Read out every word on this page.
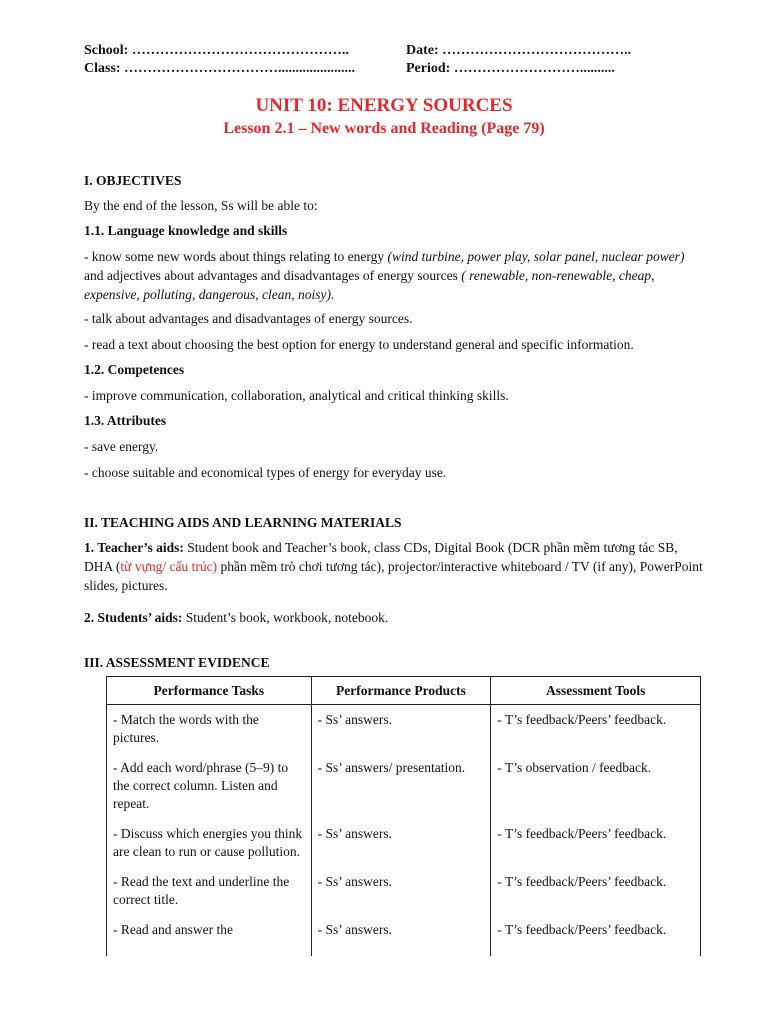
School: ………………………………………..
Class: ……………………………......................
Date: …………………………………..
Period: ………………………..........
UNIT 10: ENERGY SOURCES
Lesson 2.1 – New words and Reading (Page 79)
I. OBJECTIVES
By the end of the lesson, Ss will be able to:
1.1. Language knowledge and skills
- know some new words about things relating to energy (wind turbine, power play, solar panel, nuclear power) and adjectives about advantages and disadvantages of energy sources ( renewable, non-renewable, cheap, expensive, polluting, dangerous, clean, noisy).
- talk about advantages and disadvantages of energy sources.
- read a text about choosing the best option for energy to understand general and specific information.
1.2. Competences
- improve communication, collaboration, analytical and critical thinking skills.
1.3. Attributes
- save energy.
- choose suitable and economical types of energy for everyday use.
II. TEACHING AIDS AND LEARNING MATERIALS
1. Teacher’s aids: Student book and Teacher’s book, class CDs, Digital Book (DCR phần mềm tương tác SB, DHA (từ vựng/ cấu trúc) phần mềm trò chơi tương tác), projector/interactive whiteboard / TV (if any), PowerPoint slides, pictures.
2. Students’ aids: Student’s book, workbook, notebook.
III. ASSESSMENT EVIDENCE
Performance Tasks	Performance Products	Assessment Tools
- Match the words with the pictures.	- Ss’ answers.	- T’s feedback/Peers’ feedback.
- Add each word/phrase (5–9) to the correct column. Listen and repeat.	- Ss’ answers/ presentation.	- T’s observation / feedback.
- Discuss which energies you think are clean to run or cause pollution.	- Ss’ answers.	- T’s feedback/Peers’ feedback.
- Read the text and underline the correct title.	- Ss’ answers.	- T’s feedback/Peers’ feedback.
- Read and answer the	- Ss’ answers.	- T’s feedback/Peers’ feedback.
